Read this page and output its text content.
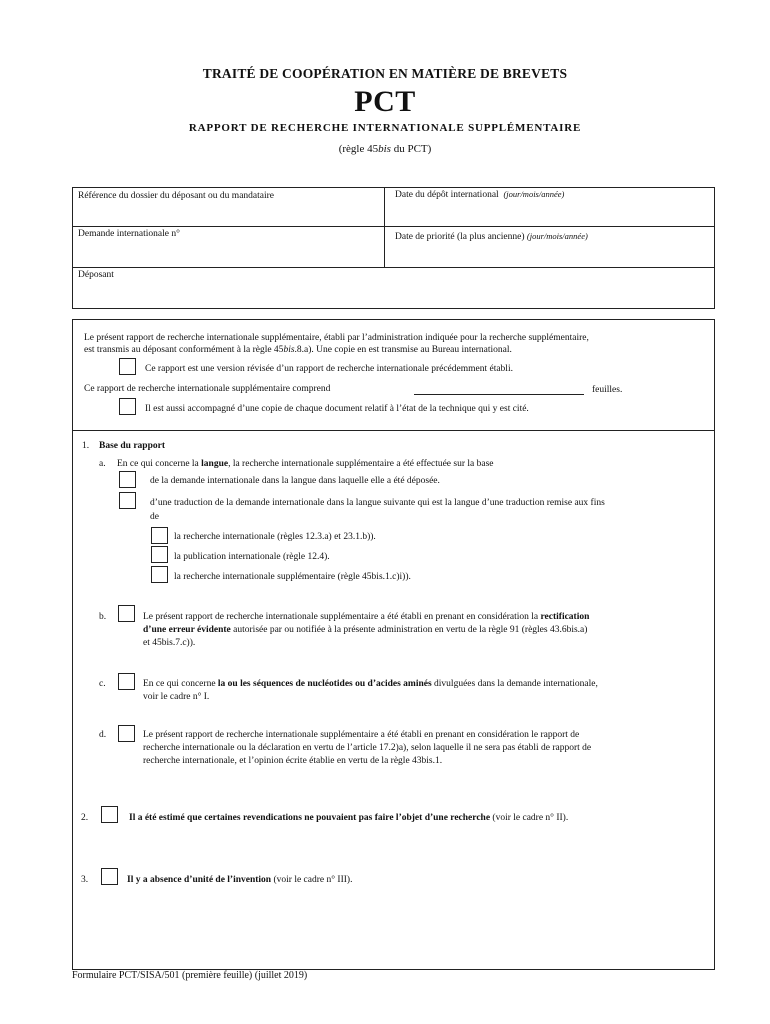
TRAITÉ DE COOPÉRATION EN MATIÈRE DE BREVETS
PCT
RAPPORT DE RECHERCHE INTERNATIONALE SUPPLÉMENTAIRE
(règle 45bis du PCT)
Référence du dossier du déposant ou du mandataire	Date du dépôt international (jour/mois/année)
Demande internationale n°	Date de priorité (la plus ancienne) (jour/mois/année)
Déposant
Le présent rapport de recherche internationale supplémentaire, établi par l’administration indiquée pour la recherche supplémentaire,
est transmis au déposant conformément à la règle 45bis.8.a). Une copie en est transmise au Bureau international.
Ce rapport est une version révisée d’un rapport de recherche internationale précédemment établi.
Ce rapport de recherche internationale supplémentaire comprend	feuilles.
Il est aussi accompagné d’une copie de chaque document relatif à l’état de la technique qui y est cité.
1. Base du rapport
a. En ce qui concerne la langue, la recherche internationale supplémentaire a été effectuée sur la base
de la demande internationale dans la langue dans laquelle elle a été déposée.
d’une traduction de la demande internationale dans la langue suivante qui est la langue d’une traduction remise aux fins
de
la recherche internationale (règles 12.3.a) et 23.1.b)).
la publication internationale (règle 12.4).
la recherche internationale supplémentaire (règle 45bis.1.c)i)).
b.	Le présent rapport de recherche internationale supplémentaire a été établi en prenant en considération la rectification
d’une erreur évidente autorisée par ou notifiée à la présente administration en vertu de la règle 91 (règles 43.6bis.a)
et 45bis.7.c)).
c.	En ce qui concerne la ou les séquences de nucléotides ou d’acides aminés divulguées dans la demande internationale,
voir le cadre n° I.
d.	Le présent rapport de recherche internationale supplémentaire a été établi en prenant en considération le rapport de
recherche internationale ou la déclaration en vertu de l’article 17.2)a), selon laquelle il ne sera pas établi de rapport de
recherche internationale, et l’opinion écrite établie en vertu de la règle 43bis.1.
2.	Il a été estimé que certaines revendications ne pouvaient pas faire l’objet d’une recherche (voir le cadre n° II).
3.	Il y a absence d’unité de l’invention (voir le cadre n° III).
Formulaire PCT/SISA/501 (première feuille) (juillet 2019)
